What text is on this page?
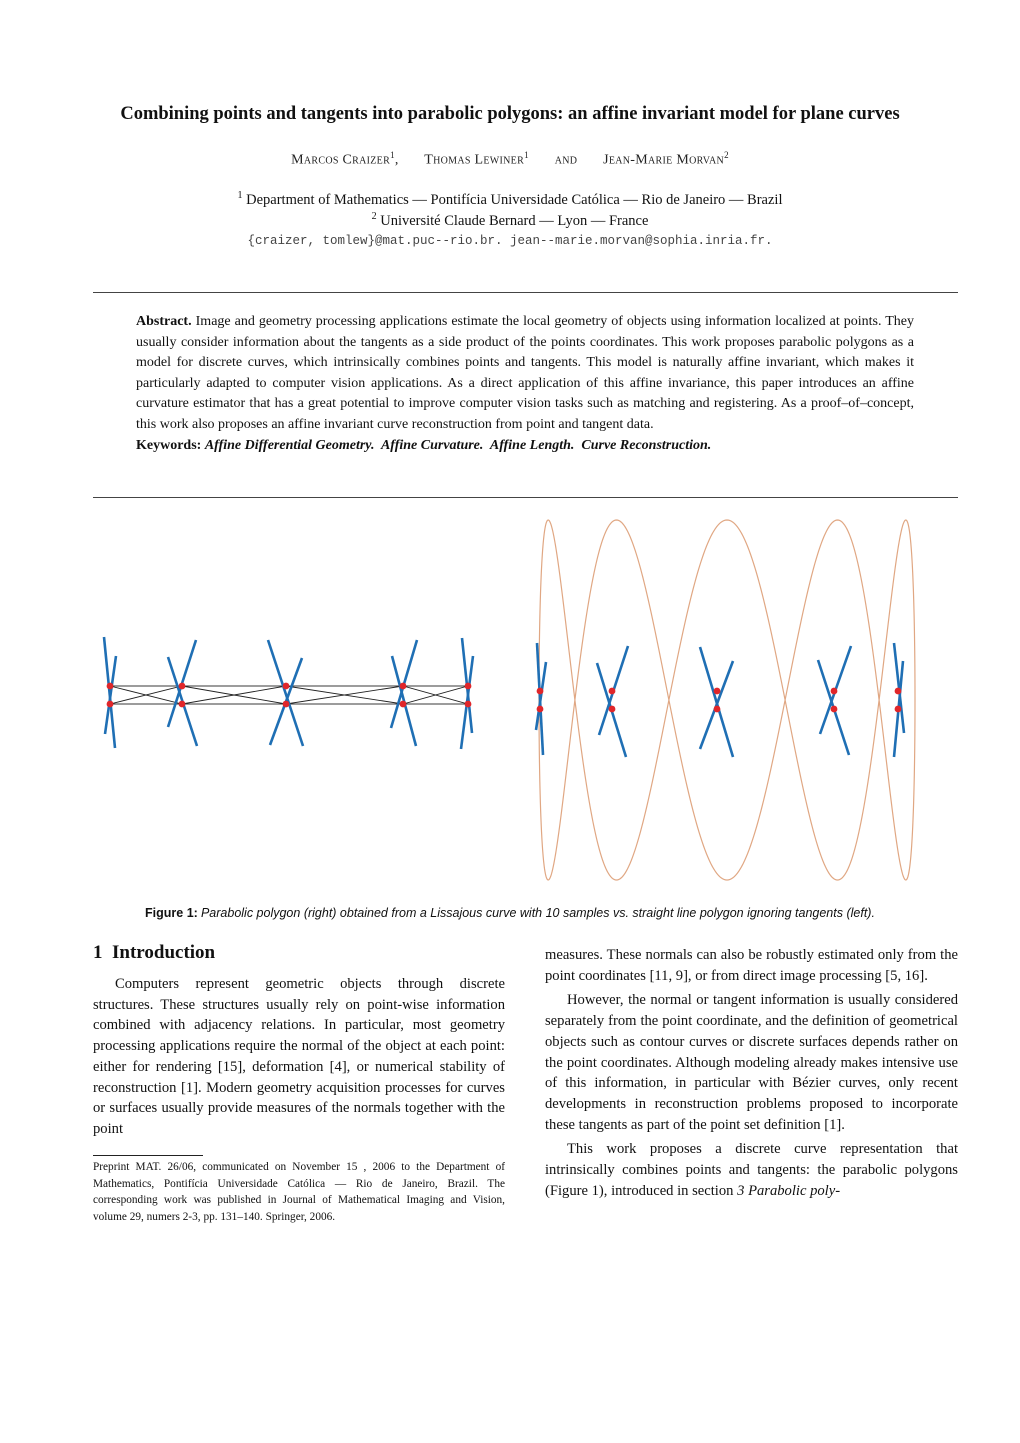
Combining points and tangents into parabolic polygons: an affine invariant model for plane curves
Marcos Craizer$^1$, Thomas Lewiner$^1$ and Jean-Marie Morvan$^2$
$^1$ Department of Mathematics — Pontifícia Universidade Católica — Rio de Janeiro — Brazil
$^2$ Université Claude Bernard — Lyon — France
{craizer, tomlew}@mat.puc--rio.br. jean--marie.morvan@sophia.inria.fr.
Abstract. Image and geometry processing applications estimate the local geometry of objects using information localized at points. They usually consider information about the tangents as a side product of the points coordinates. This work proposes parabolic polygons as a model for discrete curves, which intrinsically combines points and tangents. This model is naturally affine invariant, which makes it particularly adapted to computer vision applications. As a direct application of this affine invariance, this paper introduces an affine curvature estimator that has a great potential to improve computer vision tasks such as matching and registering. As a proof–of–concept, this work also proposes an affine invariant curve reconstruction from point and tangent data.
Keywords: Affine Differential Geometry.  Affine Curvature.  Affine Length.  Curve Reconstruction.
Figure 1: Parabolic polygon (right) obtained from a Lissajous curve with 10 samples vs. straight line polygon ignoring tangents (left).
1 Introduction

Computers represent geometric objects through discrete structures. These structures usually rely on point-wise information combined with adjacency relations. In particular, most geometry processing applications require the normal of the object at each point: either for rendering [15], deformation [4], or numerical stability of reconstruction [1]. Modern geometry acquisition processes for curves or surfaces usually provide measures of the normals together with the point

Preprint MAT. 26/06, communicated on November 15 , 2006 to the Department of Mathematics, Pontifícia Universidade Católica — Rio de Janeiro, Brazil. The corresponding work was published in Journal of Mathematical Imaging and Vision, volume 29, numers 2-3, pp. 131–140. Springer, 2006.

measures. These normals can also be robustly estimated only from the point coordinates [11, 9], or from direct image processing [5, 16].

However, the normal or tangent information is usually considered separately from the point coordinate, and the definition of geometrical objects such as contour curves or discrete surfaces depends rather on the point coordinates. Although modeling already makes intensive use of this information, in particular with Bézier curves, only recent developments in reconstruction problems proposed to incorporate these tangents as part of the point set definition [1].

This work proposes a discrete curve representation that intrinsically combines points and tangents: the parabolic polygons (Figure 1), introduced in section 3 Parabolic poly-
